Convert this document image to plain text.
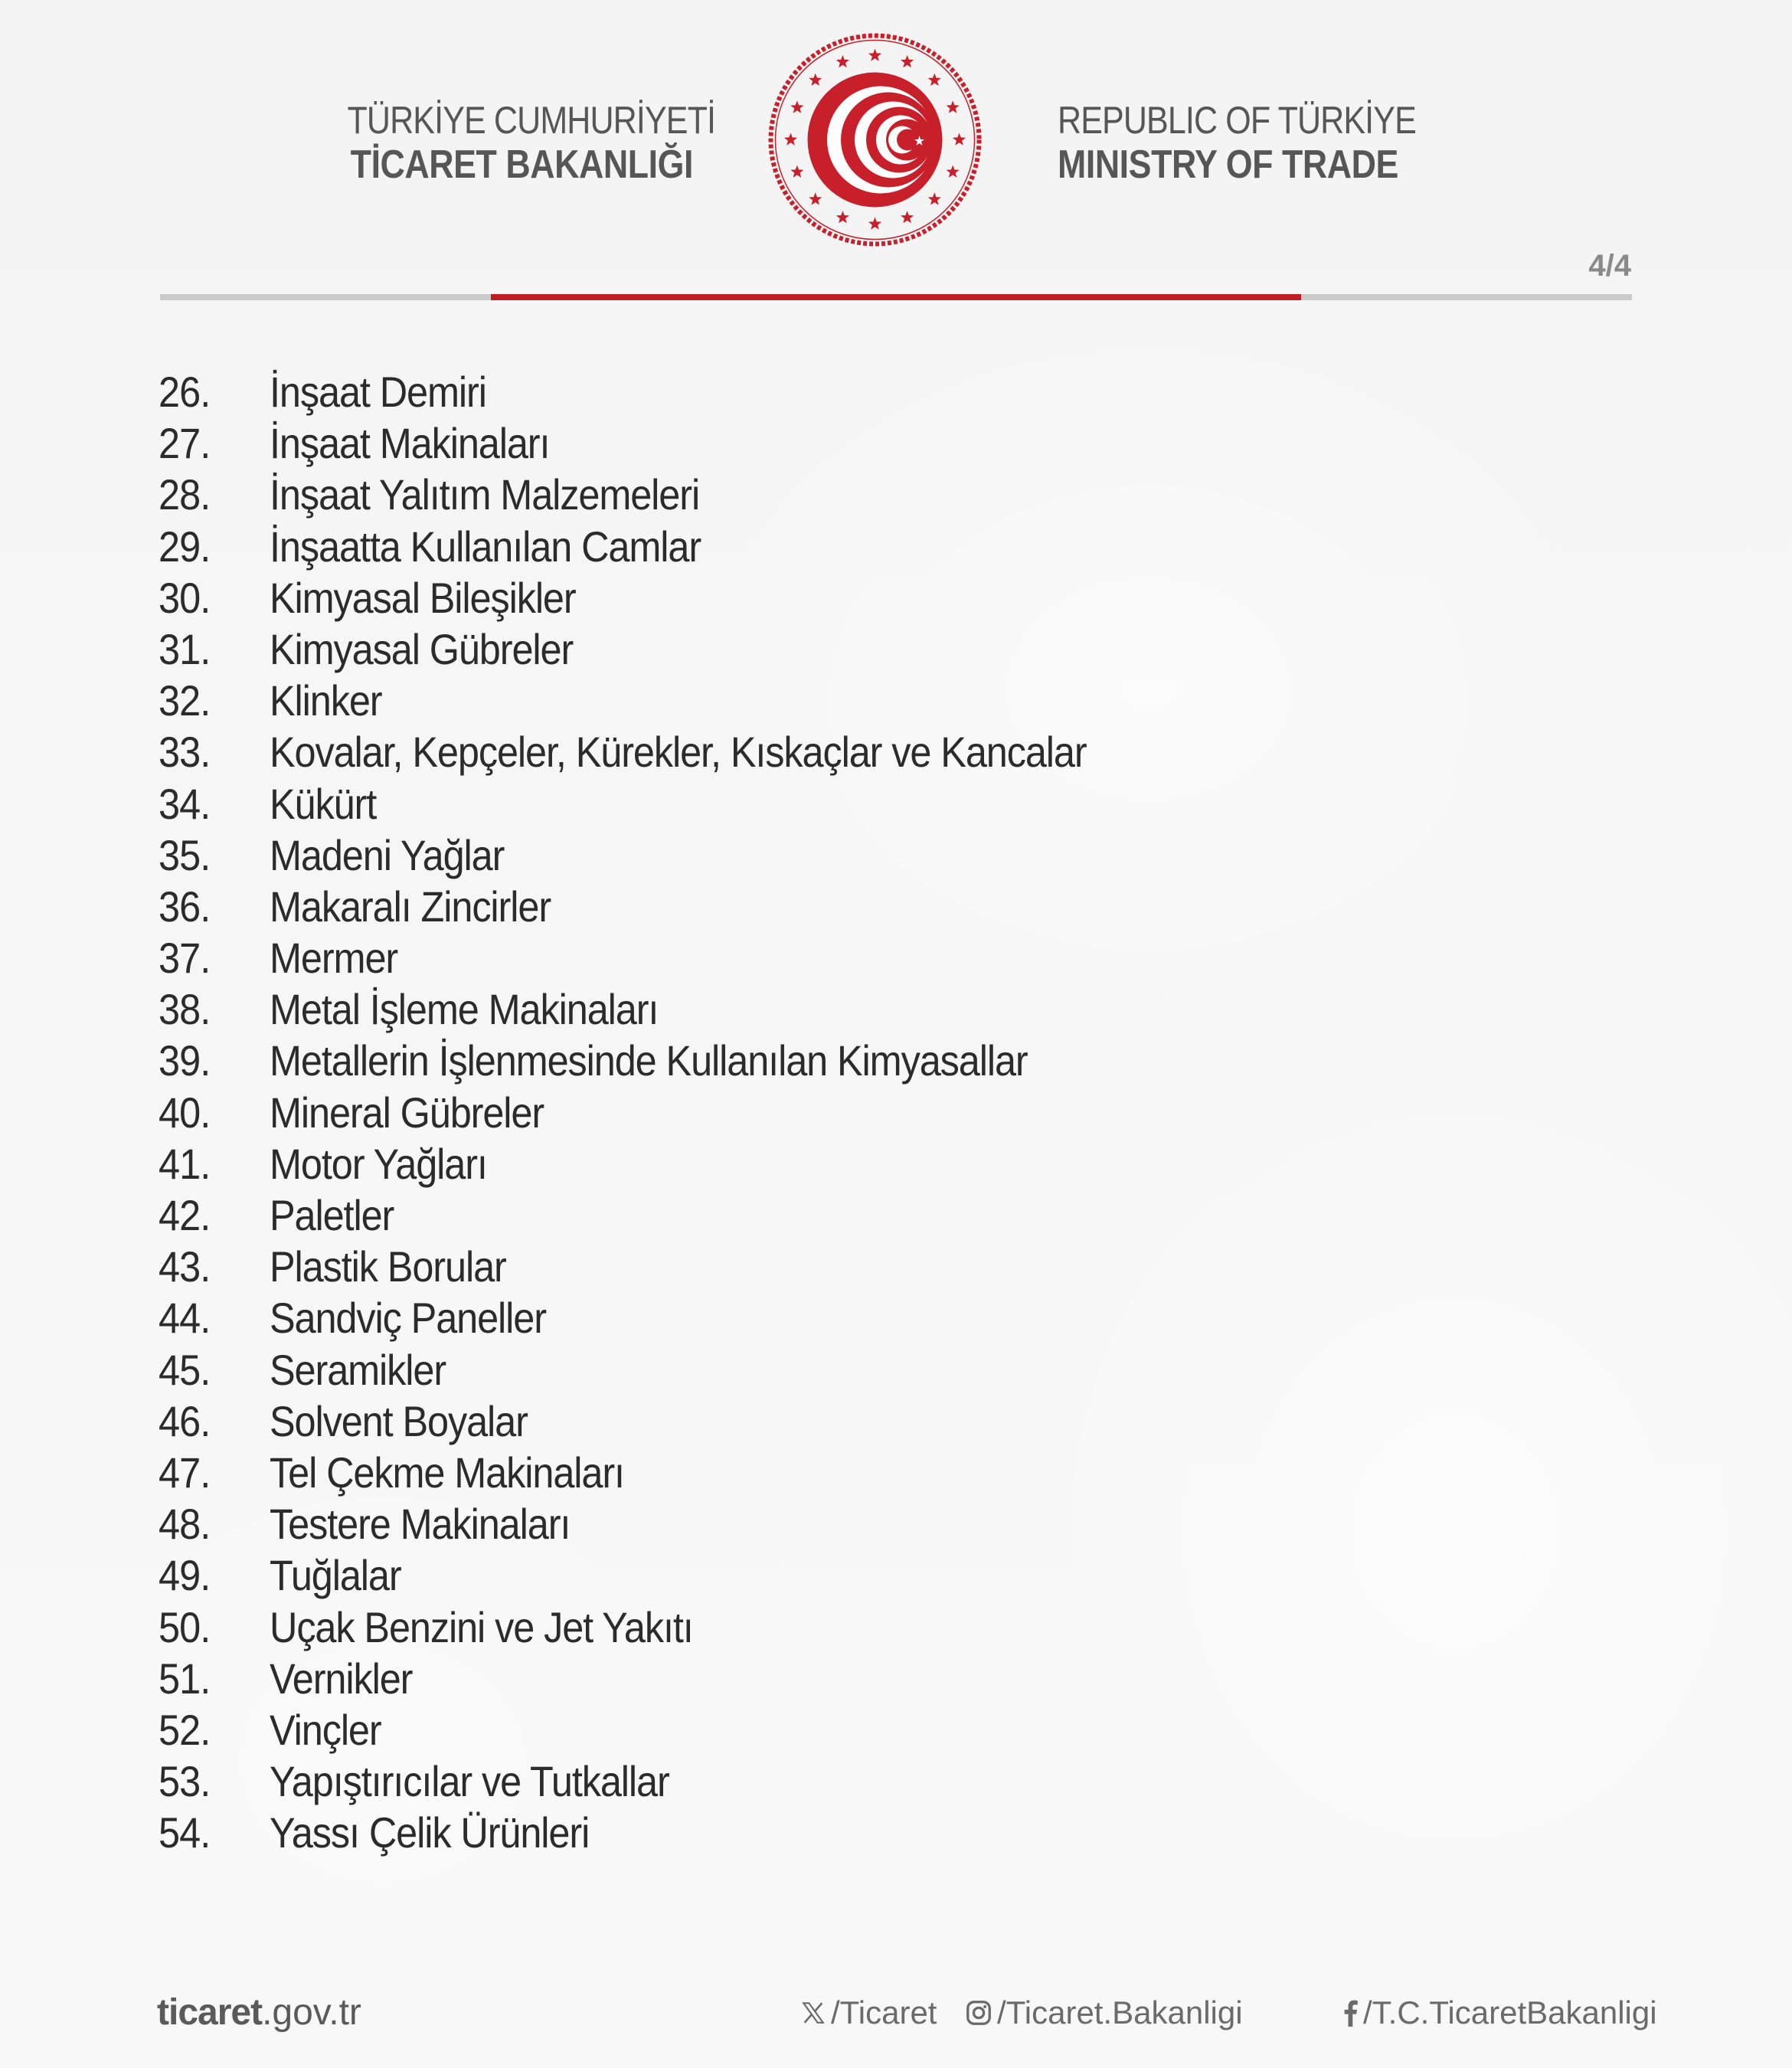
TÜRKİYE CUMHURİYETİ
TİCARET BAKANLIĞI
REPUBLIC OF TÜRKİYE
MINISTRY OF TRADE
4/4
26.	İnşaat Demiri
27.	İnşaat Makinaları
28.	İnşaat Yalıtım Malzemeleri
29.	İnşaatta Kullanılan Camlar
30.	Kimyasal Bileşikler
31.	Kimyasal Gübreler
32.	Klinker
33.	Kovalar, Kepçeler, Kürekler, Kıskaçlar ve Kancalar
34.	Kükürt
35.	Madeni Yağlar
36.	Makaralı Zincirler
37.	Mermer
38.	Metal İşleme Makinaları
39.	Metallerin İşlenmesinde Kullanılan Kimyasallar
40.	Mineral Gübreler
41.	Motor Yağları
42.	Paletler
43.	Plastik Borular
44.	Sandviç Paneller
45.	Seramikler
46.	Solvent Boyalar
47.	Tel Çekme Makinaları
48.	Testere Makinaları
49.	Tuğlalar
50.	Uçak Benzini ve Jet Yakıtı
51.	Vernikler
52.	Vinçler
53.	Yapıştırıcılar ve Tutkallar
54.	Yassı Çelik Ürünleri
ticaret.gov.tr	/Ticaret /Ticaret.Bakanligi	/T.C.TicaretBakanligi
